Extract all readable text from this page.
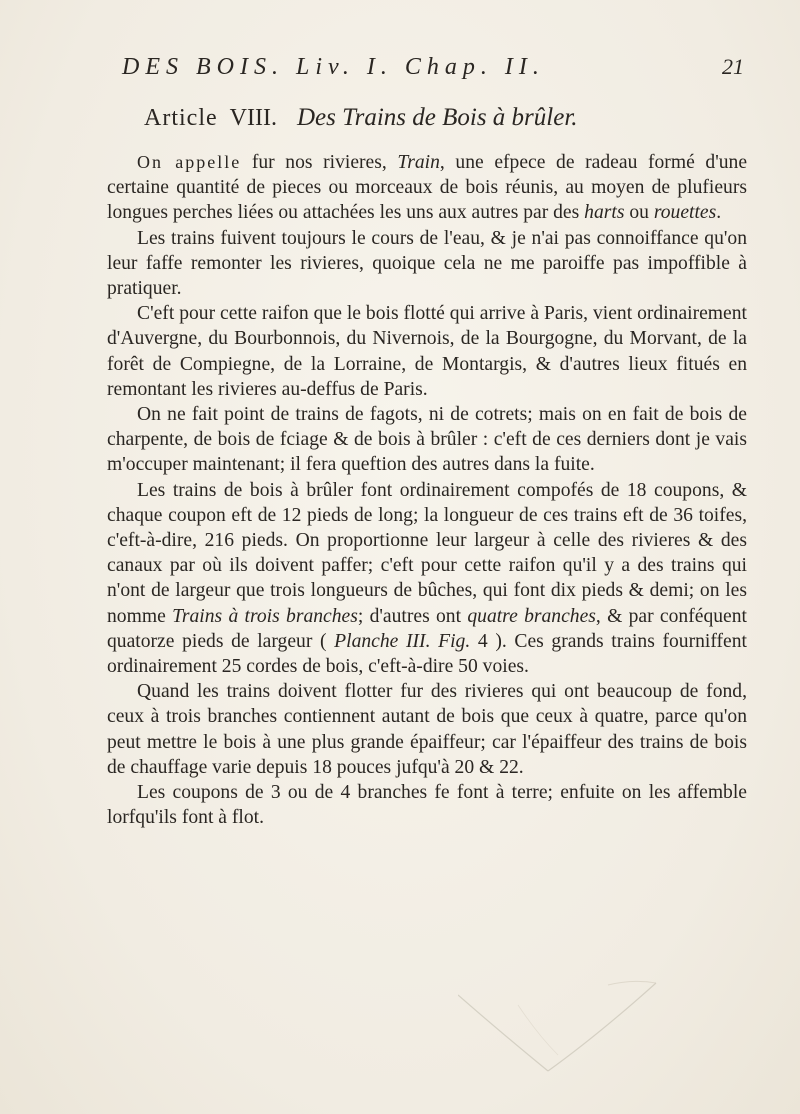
DES BOIS. Liv. I. Chap. II.	21
Article VIII. Des Trains de Bois à brûler.

On appelle fur nos rivieres, Train, une efpece de radeau formé d'une certaine quantité de pieces ou morceaux de bois réunis, au moyen de plufieurs longues perches liées ou attachées les uns aux autres par des harts ou rouettes.

Les trains fuivent toujours le cours de l'eau, & je n'ai pas connoiffance qu'on leur faffe remonter les rivieres, quoique cela ne me paroiffe pas impoffible à pratiquer.

C'eft pour cette raifon que le bois flotté qui arrive à Paris, vient ordinairement d'Auvergne, du Bourbonnois, du Nivernois, de la Bourgogne, du Morvant, de la forêt de Compiegne, de la Lorraine, de Montargis, & d'autres lieux fitués en remontant les rivieres au-deffus de Paris.

On ne fait point de trains de fagots, ni de cotrets; mais on en fait de bois de charpente, de bois de fciage & de bois à brûler : c'eft de ces derniers dont je vais m'occuper maintenant; il fera queftion des autres dans la fuite.

Les trains de bois à brûler font ordinairement compofés de 18 coupons, & chaque coupon eft de 12 pieds de long; la longueur de ces trains eft de 36 toifes, c'eft-à-dire, 216 pieds. On proportionne leur largeur à celle des rivieres & des canaux par où ils doivent paffer; c'eft pour cette raifon qu'il y a des trains qui n'ont de largeur que trois longueurs de bûches, qui font dix pieds & demi; on les nomme Trains à trois branches; d'autres ont quatre branches, & par conféquent quatorze pieds de largeur ( Planche III. Fig. 4 ). Ces grands trains fourniffent ordinairement 25 cordes de bois, c'eft-à-dire 50 voies.

Quand les trains doivent flotter fur des rivieres qui ont beaucoup de fond, ceux à trois branches contiennent autant de bois que ceux à quatre, parce qu'on peut mettre le bois à une plus grande épaiffeur; car l'épaiffeur des trains de bois de chauffage varie depuis 18 pouces jufqu'à 20 & 22.

Les coupons de 3 ou de 4 branches fe font à terre; enfuite on les affemble lorfqu'ils font à flot.
